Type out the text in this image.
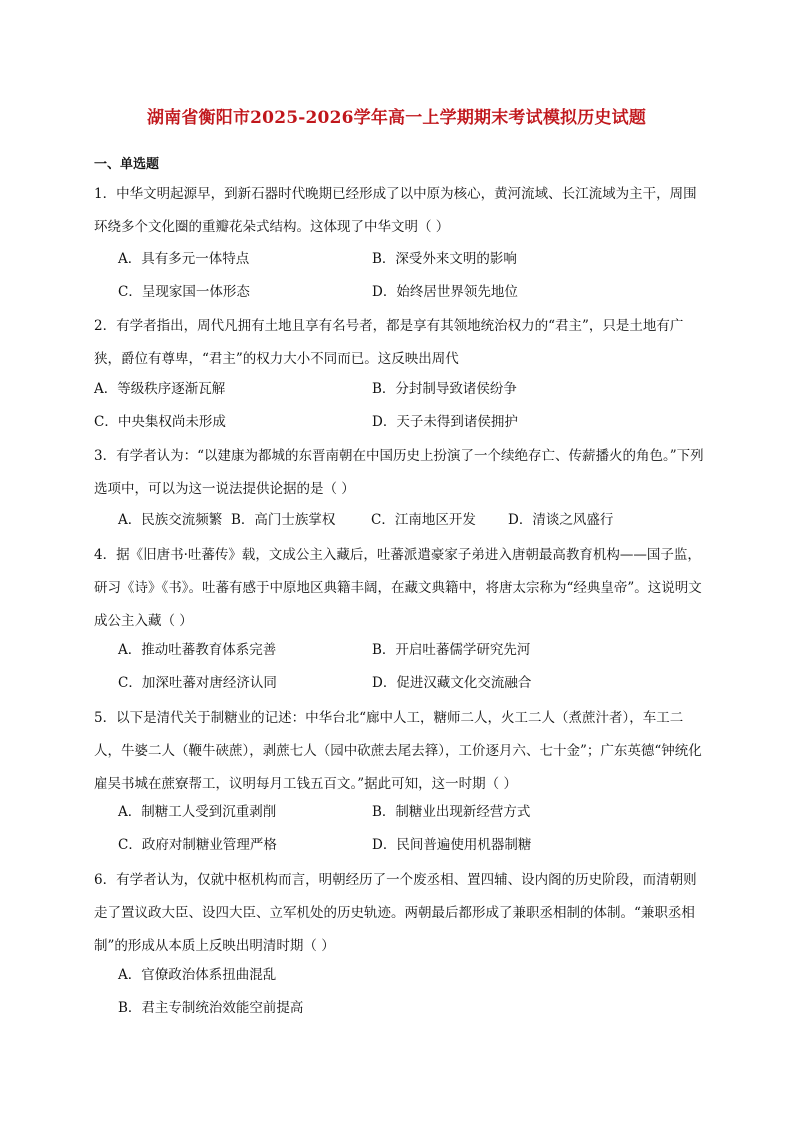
湖南省衡阳市2025-2026学年高一上学期期末考试模拟历史试题
一、单选题
1．中华文明起源早，到新石器时代晚期已经形成了以中原为核心，黄河流域、长江流域为主干，周围环绕多个文化圈的重瓣花朵式结构。这体现了中华文明（ ）
A．具有多元一体特点	B．深受外来文明的影响
C．呈现家国一体形态	D．始终居世界领先地位
2．有学者指出，周代凡拥有土地且享有名号者，都是享有其领地统治权力的“君主”，只是土地有广狭，爵位有尊卑，“君主”的权力大小不同而已。这反映出周代
A．等级秩序逐渐瓦解	B．分封制导致诸侯纷争
C．中央集权尚未形成	D．天子未得到诸侯拥护
3．有学者认为：“以建康为都城的东晋南朝在中国历史上扮演了一个续绝存亡、传薪播火的角色。”下列选项中，可以为这一说法提供论据的是（ ）
A．民族交流频繁 B．高门士族掌权	C．江南地区开发 D．清谈之风盛行
4．据《旧唐书·吐蕃传》载，文成公主入藏后，吐蕃派遣豪家子弟进入唐朝最高教育机构——国子监，研习《诗》《书》。吐蕃有感于中原地区典籍丰阔，在藏文典籍中，将唐太宗称为“经典皇帝”。这说明文成公主入藏（ ）
A．推动吐蕃教育体系完善	B．开启吐蕃儒学研究先河
C．加深吐蕃对唐经济认同	D．促进汉藏文化交流融合
5．以下是清代关于制糖业的记述：中华台北“廊中人工，糖师二人，火工二人（煮蔗汁者），车工二人，牛婆二人（鞭牛硖蔗），剥蔗七人（园中砍蔗去尾去箨），工价逐月六、七十金”；广东英德“钟统化雇吴书城在蔗寮帮工，议明每月工钱五百文。”据此可知，这一时期（ ）
A．制糖工人受到沉重剥削	B．制糖业出现新经营方式
C．政府对制糖业管理严格	D．民间普遍使用机器制糖
6．有学者认为，仅就中枢机构而言，明朝经历了一个废丞相、置四辅、设内阁的历史阶段，而清朝则走了置议政大臣、设四大臣、立军机处的历史轨迹。两朝最后都形成了兼职丞相制的体制。“兼职丞相制”的形成从本质上反映出明清时期（ ）
A．官僚政治体系扭曲混乱
B．君主专制统治效能空前提高
